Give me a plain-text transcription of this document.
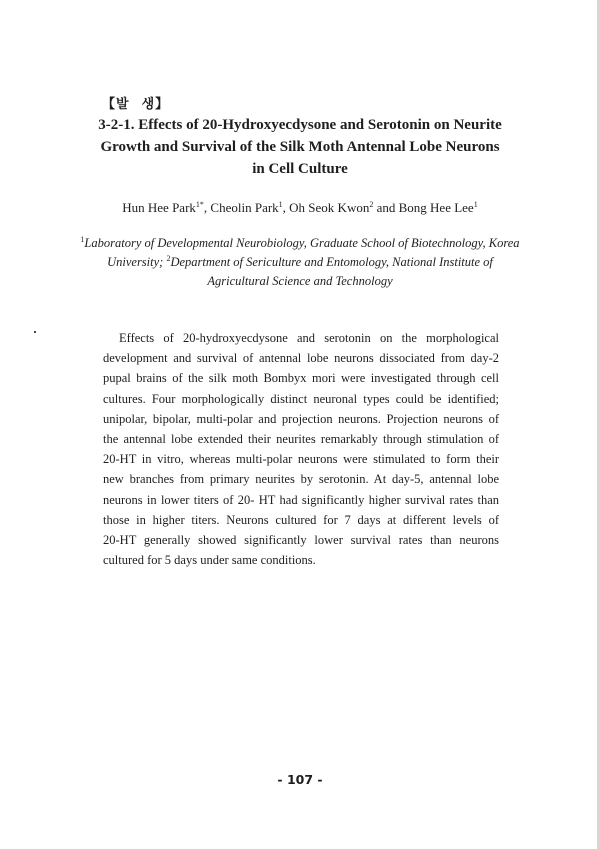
【발 생】
3-2-1. Effects of 20-Hydroxyecdysone and Serotonin on Neurite
Growth and Survival of the Silk Moth Antennal Lobe Neurons
in Cell Culture
Hun Hee Park$^{1*}$, Cheolin Park$^1$, Oh Seok Kwon$^2$ and Bong Hee Lee$^1$
$^1$Laboratory of Developmental Neurobiology, Graduate School of Biotechnology, Korea
University; $^2$Department of Sericulture and Entomology, National Institute of
Agricultural Science and Technology
Effects of 20-hydroxyecdysone and serotonin on the morphological
development and survival of antennal lobe neurons dissociated from day-2
pupal brains of the silk moth Bombyx mori were investigated through cell
cultures. Four morphologically distinct neuronal types could be identified;
unipolar, bipolar, multi-polar and projection neurons. Projection neurons of
the antennal lobe extended their neurites remarkably through stimulation of
20-HT in vitro, whereas multi-polar neurons were stimulated to form their
new branches from primary neurites by serotonin. At day-5, antennal lobe
neurons in lower titers of 20- HT had significantly higher survival rates than
those in higher titers. Neurons cultured for 7 days at different levels of
20-HT generally showed significantly lower survival rates than neurons
cultured for 5 days under same conditions.
- 107 -
